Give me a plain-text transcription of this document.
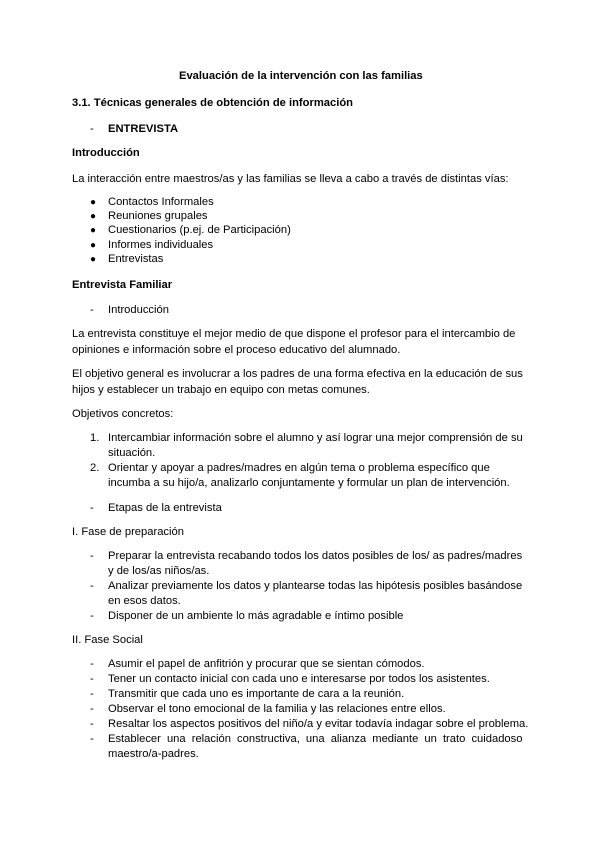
Evaluación de la intervención con las familias
3.1. Técnicas generales de obtención de información
- ENTREVISTA
Introducción
La interacción entre maestros/as y las familias se lleva a cabo a través de distintas vías:
● Contactos Informales
● Reuniones grupales
● Cuestionarios (p.ej. de Participación)
● Informes individuales
● Entrevistas
Entrevista Familiar
- Introducción
La entrevista constituye el mejor medio de que dispone el profesor para el intercambio de
opiniones e información sobre el proceso educativo del alumnado.
El objetivo general es involucrar a los padres de una forma efectiva en la educación de sus
hijos y establecer un trabajo en equipo con metas comunes.
Objetivos concretos:
1. Intercambiar información sobre el alumno y así lograr una mejor comprensión de su
situación.
2. Orientar y apoyar a padres/madres en algún tema o problema específico que
incumba a su hijo/a, analizarlo conjuntamente y formular un plan de intervención.
- Etapas de la entrevista
I. Fase de preparación
- Preparar la entrevista recabando todos los datos posibles de los/ as padres/madres
y de los/as niños/as.
- Analizar previamente los datos y plantearse todas las hipótesis posibles basándose
en esos datos.
- Disponer de un ambiente lo más agradable e íntimo posible
II. Fase Social
- Asumir el papel de anfitrión y procurar que se sientan cómodos.
- Tener un contacto inicial con cada uno e interesarse por todos los asistentes.
- Transmitir que cada uno es importante de cara a la reunión.
- Observar el tono emocional de la familia y las relaciones entre ellos.
- Resaltar los aspectos positivos del niño/a y evitar todavía indagar sobre el problema.
- Establecer una relación constructiva, una alianza mediante un trato cuidadoso
maestro/a-padres.
